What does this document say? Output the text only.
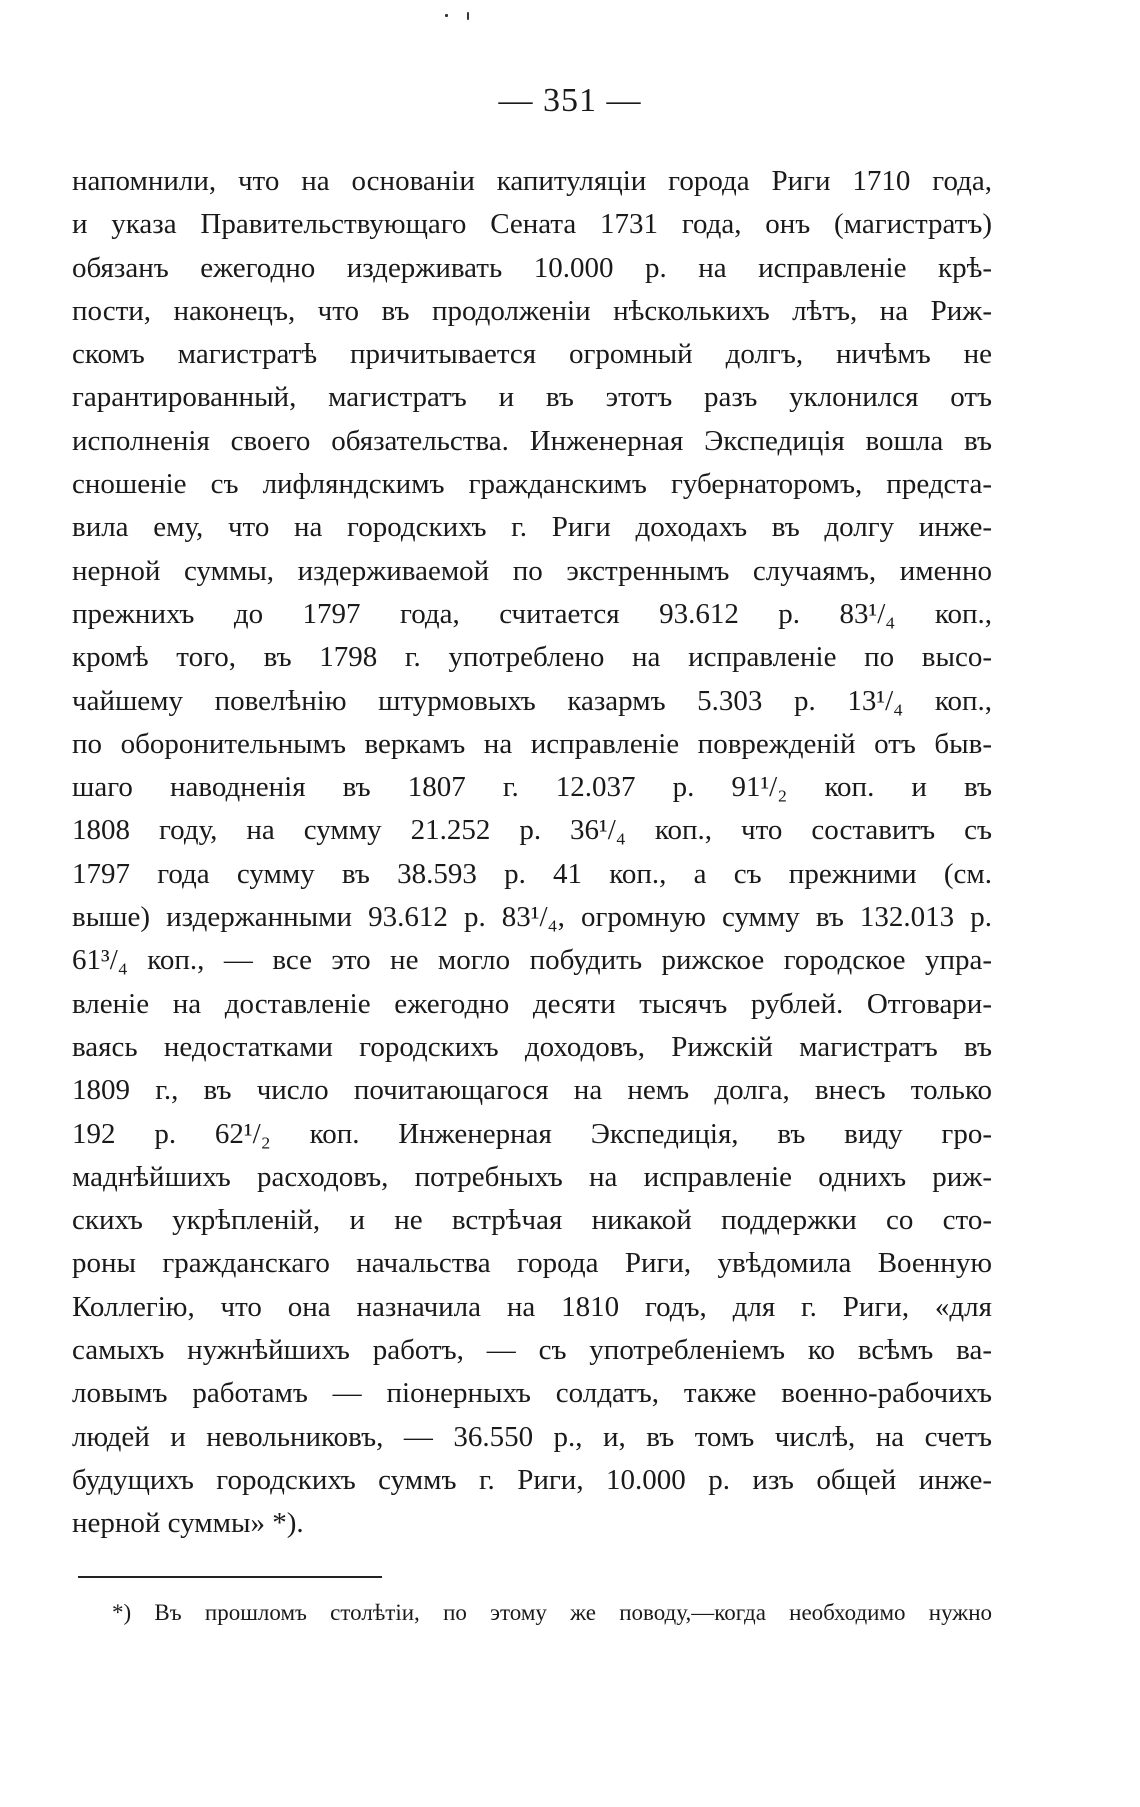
— 351 —
напомнили, что на основанiи капитуляцiи города Риги 1710 года,
и указа Правительствующаго Сената 1731 года, онъ (магистратъ)
обязанъ ежегодно издерживать 10.000 р. на исправленiе крѣ-
пости, наконецъ, что въ продолженiи нѣсколькихъ лѣтъ, на Риж-
скомъ магистратѣ причитывается огромный долгъ, ничѣмъ не
гарантированный, магистратъ и въ этотъ разъ уклонился отъ
исполненiя своего обязательства. Инженерная Экспедицiя вошла въ
сношенiе съ лифляндскимъ гражданскимъ губернаторомъ, предста-
вила ему, что на городскихъ г. Риги доходахъ въ долгу инже-
нерной суммы, издерживаемой по экстреннымъ случаямъ, именно
прежнихъ до 1797 года, считается 93.612 р. 83¹/₄ коп.,
кромѣ того, въ 1798 г. употреблено на исправленiе по высо-
чайшему повелѣнiю штурмовыхъ казармъ 5.303 р. 13¹/₄ коп.,
по оборонительнымъ веркамъ на исправленiе поврежденiй отъ быв-
шаго наводненiя въ 1807 г. 12.037 р. 91¹/₂ коп. и въ
1808 году, на сумму 21.252 р. 36¹/₄ коп., что составитъ съ
1797 года сумму въ 38.593 р. 41 коп., а съ прежними (см.
выше) издержанными 93.612 р. 83¹/₄, огромную сумму въ 132.013 р.
61³/₄ коп., — все это не могло побудить рижское городское упра-
вленiе на доставленiе ежегодно десяти тысячъ рублей. Отговари-
ваясь недостатками городскихъ доходовъ, Рижскiй магистратъ въ
1809 г., въ число почитающагося на немъ долга, внесъ только
192 р. 62¹/₂ коп. Инженерная Экспедицiя, въ виду гро-
маднѣйшихъ расходовъ, потребныхъ на исправленiе однихъ риж-
скихъ укрѣпленiй, и не встрѣчая никакой поддержки со сто-
роны гражданскаго начальства города Риги, увѣдомила Военную
Коллегiю, что она назначила на 1810 годъ, для г. Риги, «для
самыхъ нужнѣйшихъ работъ, — съ употребленiемъ ко всѣмъ ва-
ловымъ работамъ — пiонерныхъ солдатъ, также военно-рабочихъ
людей и невольниковъ, — 36.550 р., и, въ томъ числѣ, на счетъ
будущихъ городскихъ суммъ г. Риги, 10.000 р. изъ общей инже-
нерной суммы» *).
*) Въ прошломъ столѣтiи, по этому же поводу,—когда необходимо нужно
